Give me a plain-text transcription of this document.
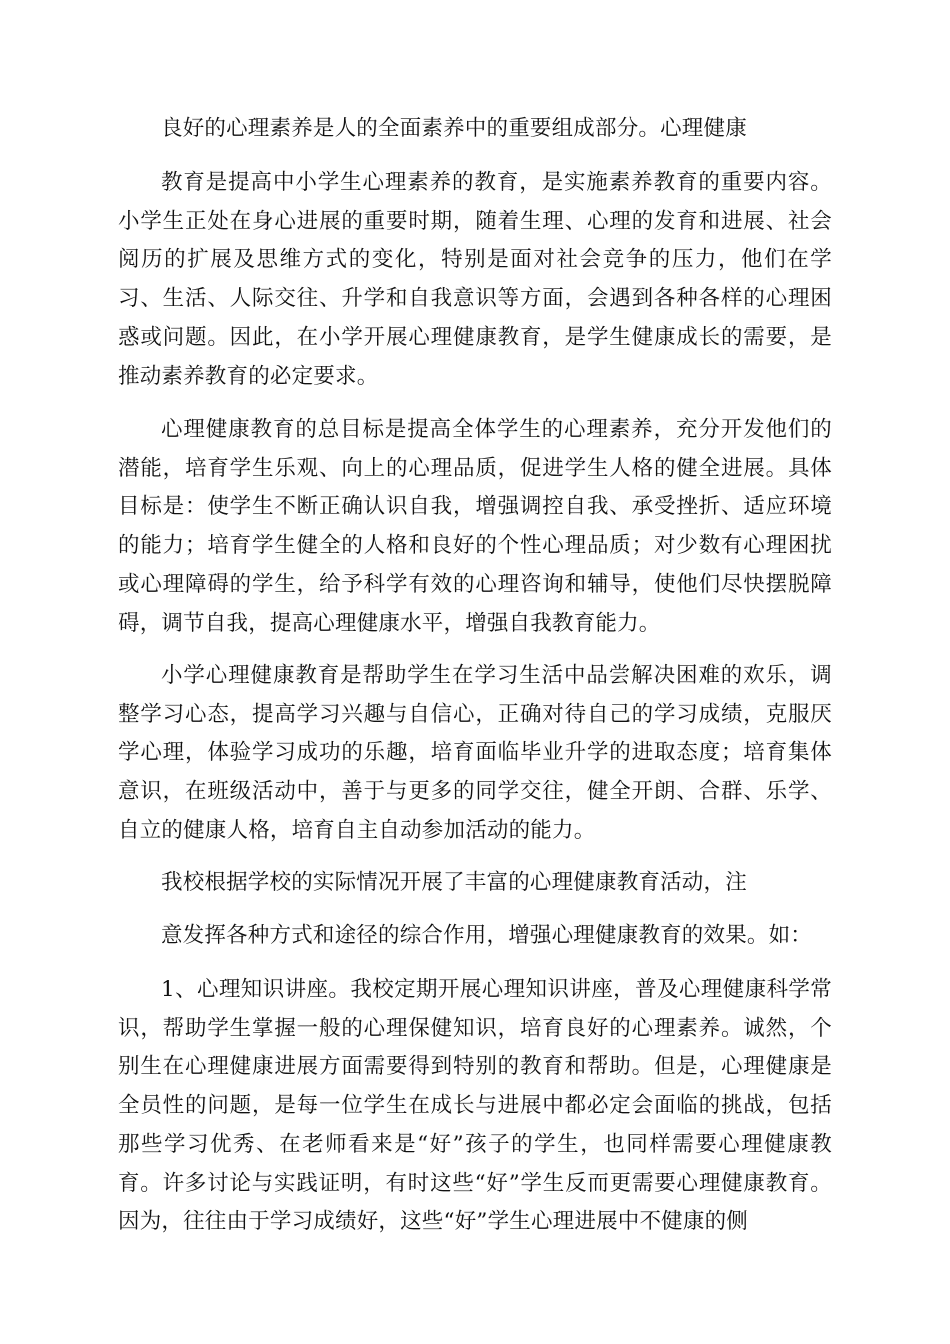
良好的心理素养是人的全面素养中的重要组成部分。心理健康

教育是提高中小学生心理素养的教育，是实施素养教育的重要内容。小学生正处在身心进展的重要时期，随着生理、心理的发育和进展、社会阅历的扩展及思维方式的变化，特别是面对社会竞争的压力，他们在学习、生活、人际交往、升学和自我意识等方面，会遇到各种各样的心理困惑或问题。因此，在小学开展心理健康教育，是学生健康成长的需要，是推动素养教育的必定要求。

心理健康教育的总目标是提高全体学生的心理素养，充分开发他们的潜能，培育学生乐观、向上的心理品质，促进学生人格的健全进展。具体目标是：使学生不断正确认识自我，增强调控自我、承受挫折、适应环境的能力；培育学生健全的人格和良好的个性心理品质；对少数有心理困扰或心理障碍的学生，给予科学有效的心理咨询和辅导，使他们尽快摆脱障碍，调节自我，提高心理健康水平，增强自我教育能力。

小学心理健康教育是帮助学生在学习生活中品尝解决困难的欢乐，调整学习心态，提高学习兴趣与自信心，正确对待自己的学习成绩，克服厌学心理，体验学习成功的乐趣，培育面临毕业升学的进取态度；培育集体意识，在班级活动中，善于与更多的同学交往，健全开朗、合群、乐学、自立的健康人格，培育自主自动参加活动的能力。

我校根据学校的实际情况开展了丰富的心理健康教育活动，注

意发挥各种方式和途径的综合作用，增强心理健康教育的效果。如：

1、心理知识讲座。我校定期开展心理知识讲座，普及心理健康科学常识，帮助学生掌握一般的心理保健知识，培育良好的心理素养。诚然，个别生在心理健康进展方面需要得到特别的教育和帮助。但是，心理健康是全员性的问题，是每一位学生在成长与进展中都必定会面临的挑战，包括那些学习优秀、在老师看来是“好”孩子的学生，也同样需要心理健康教育。许多讨论与实践证明，有时这些“好”学生反而更需要心理健康教育。因为，往往由于学习成绩好，这些“好”学生心理进展中不健康的侧
